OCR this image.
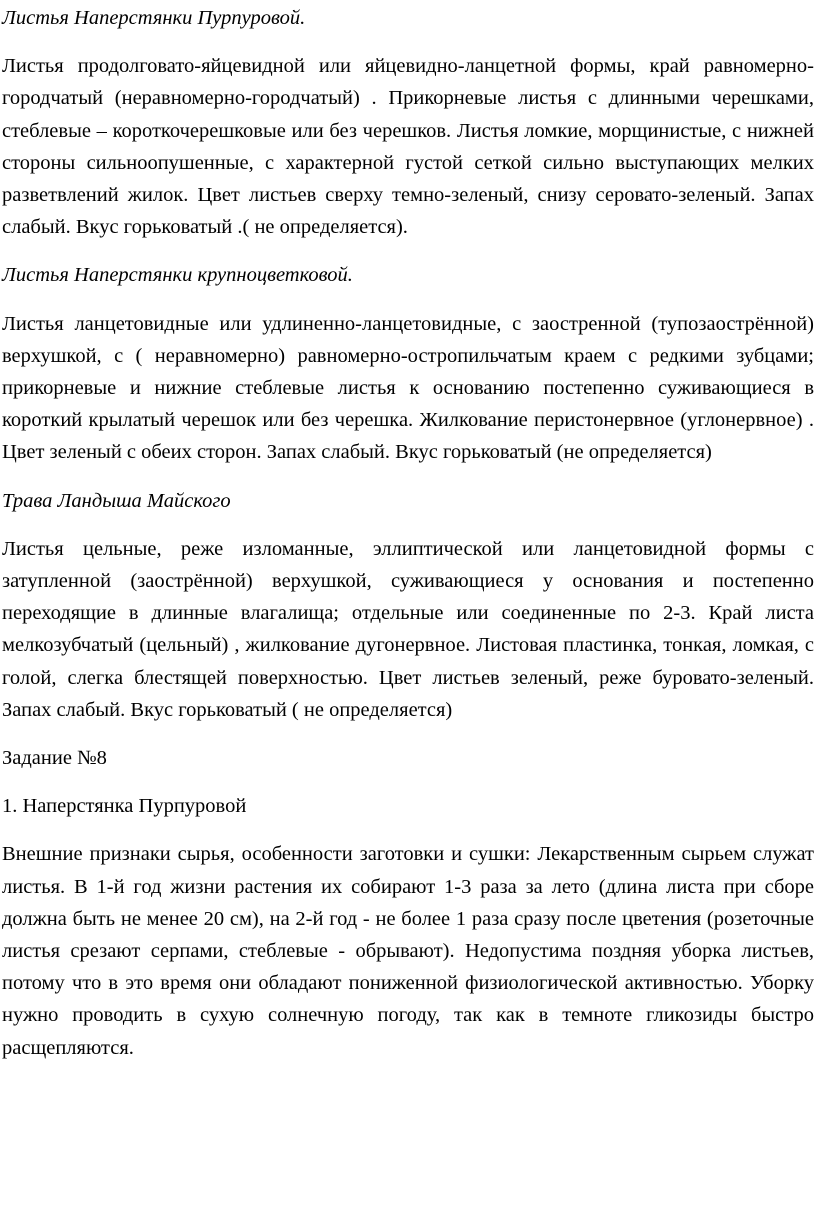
Листья Наперстянки Пурпуровой.

Листья продолговато-яйцевидной или яйцевидно-ланцетной формы, край равномерно-городчатый (неравномерно-городчатый) . Прикорневые листья с длинными черешками, стеблевые – короткочерешковые или без черешков. Листья ломкие, морщинистые, с нижней стороны сильноопушенные, с характерной густой сеткой сильно выступающих мелких разветвлений жилок. Цвет листьев сверху темно-зеленый, снизу серовато-зеленый. Запах слабый. Вкус горьковатый .( не определяется).

Листья Наперстянки крупноцветковой.

Листья ланцетовидные или удлиненно-ланцетовидные, с заостренной (тупозаострённой) верхушкой, с ( неравномерно) равномерно-остропильчатым краем с редкими зубцами; прикорневые и нижние стеблевые листья к основанию постепенно суживающиеся в короткий крылатый черешок или без черешка. Жилкование перистонервное (углонервное) . Цвет зеленый с обеих сторон. Запах слабый. Вкус горьковатый (не определяется)

Трава Ландыша Майского

Листья цельные, реже изломанные, эллиптической или ланцетовидной формы с затупленной (заострённой) верхушкой, суживающиеся у основания и постепенно переходящие в длинные влагалища; отдельные или соединенные по 2-3. Край листа мелкозубчатый (цельный) , жилкование дугонервное. Листовая пластинка, тонкая, ломкая, с голой, слегка блестящей поверхностью. Цвет листьев зеленый, реже буровато-зеленый. Запах слабый. Вкус горьковатый ( не определяется)

Задание №8

1. Наперстянка Пурпуровой

Внешние признаки сырья, особенности заготовки и сушки: Лекарственным сырьем служат листья. В 1-й год жизни растения их собирают 1-3 раза за лето (длина листа при сборе должна быть не менее 20 см), на 2-й год - не более 1 раза сразу после цветения (розеточные листья срезают серпами, стеблевые - обрывают). Недопустима поздняя уборка листьев, потому что в это время они обладают пониженной физиологической активностью. Уборку нужно проводить в сухую солнечную погоду, так как в темноте гликозиды быстро расщепляются.
